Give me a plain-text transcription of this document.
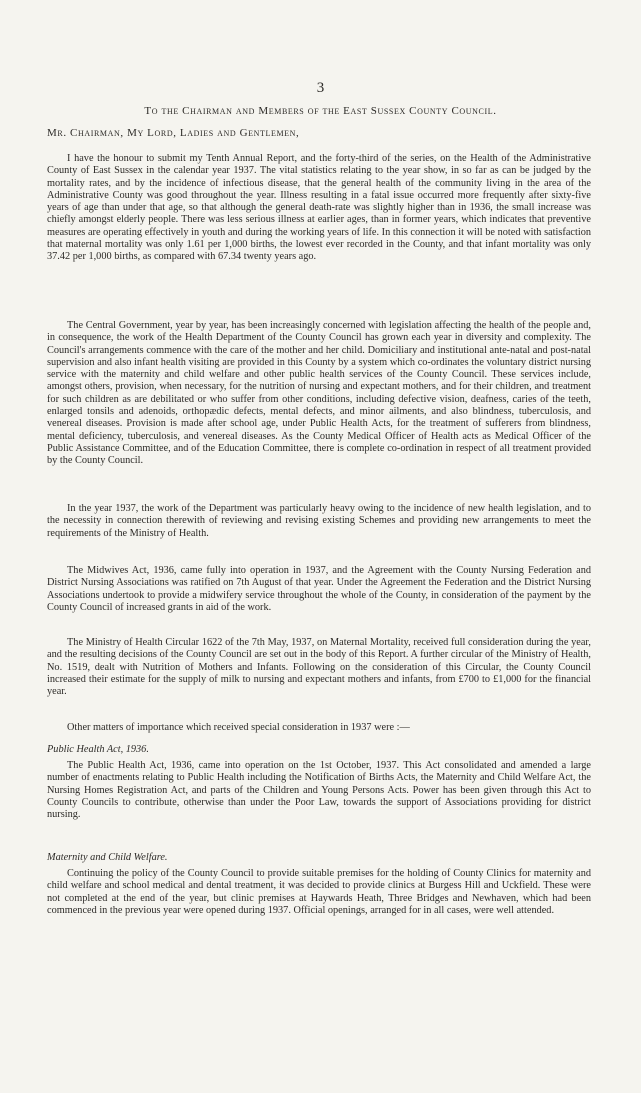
3
To the Chairman and Members of the East Sussex County Council.
Mr. Chairman, My Lord, Ladies and Gentlemen,

I have the honour to submit my Tenth Annual Report, and the forty-third of the series, on the Health of the Administrative County of East Sussex in the calendar year 1937. The vital statistics relating to the year show, in so far as can be judged by the mortality rates, and by the incidence of infectious disease, that the general health of the community living in the area of the Administrative County was good throughout the year. Illness resulting in a fatal issue occurred more frequently after sixty-five years of age than under that age, so that although the general death-rate was slightly higher than in 1936, the small increase was chiefly amongst elderly people. There was less serious illness at earlier ages, than in former years, which indicates that preventive measures are operating effectively in youth and during the working years of life. In this connection it will be noted with satisfaction that maternal mortality was only 1.61 per 1,000 births, the lowest ever recorded in the County, and that infant mortality was only 37.42 per 1,000 births, as compared with 67.34 twenty years ago.

The Central Government, year by year, has been increasingly concerned with legislation affecting the health of the people and, in consequence, the work of the Health Department of the County Council has grown each year in diversity and complexity. The Council's arrangements commence with the care of the mother and her child. Domiciliary and institutional ante-natal and post-natal supervision and also infant health visiting are provided in this County by a system which co-ordinates the voluntary district nursing service with the maternity and child welfare and other public health services of the County Council. These services include, amongst others, provision, when necessary, for the nutrition of nursing and expectant mothers, and for their children, and treatment for such children as are debilitated or who suffer from other conditions, including defective vision, deafness, caries of the teeth, enlarged tonsils and adenoids, orthopædic defects, mental defects, and minor ailments, and also blindness, tuberculosis, and venereal diseases. Provision is made after school age, under Public Health Acts, for the treatment of sufferers from blindness, mental deficiency, tuberculosis, and venereal diseases. As the County Medical Officer of Health acts as Medical Officer of the Public Assistance Committee, and of the Education Committee, there is complete co-ordination in respect of all treatment provided by the County Council.

In the year 1937, the work of the Department was particularly heavy owing to the incidence of new health legislation, and to the necessity in connection therewith of reviewing and revising existing Schemes and providing new arrangements to meet the requirements of the Ministry of Health.

The Midwives Act, 1936, came fully into operation in 1937, and the Agreement with the County Nursing Federation and District Nursing Associations was ratified on 7th August of that year. Under the Agreement the Federation and the District Nursing Associations undertook to provide a midwifery service throughout the whole of the County, in consideration of the payment by the County Council of increased grants in aid of the work.

The Ministry of Health Circular 1622 of the 7th May, 1937, on Maternal Mortality, received full consideration during the year, and the resulting decisions of the County Council are set out in the body of this Report. A further circular of the Ministry of Health, No. 1519, dealt with Nutrition of Mothers and Infants. Following on the consideration of this Circular, the County Council increased their estimate for the supply of milk to nursing and expectant mothers and infants, from £700 to £1,000 for the financial year.

Other matters of importance which received special consideration in 1937 were :—

Public Health Act, 1936.

The Public Health Act, 1936, came into operation on the 1st October, 1937. This Act consolidated and amended a large number of enactments relating to Public Health including the Notification of Births Acts, the Maternity and Child Welfare Act, the Nursing Homes Registration Act, and parts of the Children and Young Persons Acts. Power has been given through this Act to County Councils to contribute, otherwise than under the Poor Law, towards the support of Associations providing for district nursing.

Maternity and Child Welfare.

Continuing the policy of the County Council to provide suitable premises for the holding of County Clinics for maternity and child welfare and school medical and dental treatment, it was decided to provide clinics at Burgess Hill and Uckfield. These were not completed at the end of the year, but clinic premises at Haywards Heath, Three Bridges and Newhaven, which had been commenced in the previous year were opened during 1937. Official openings, arranged for in all cases, were well attended.
